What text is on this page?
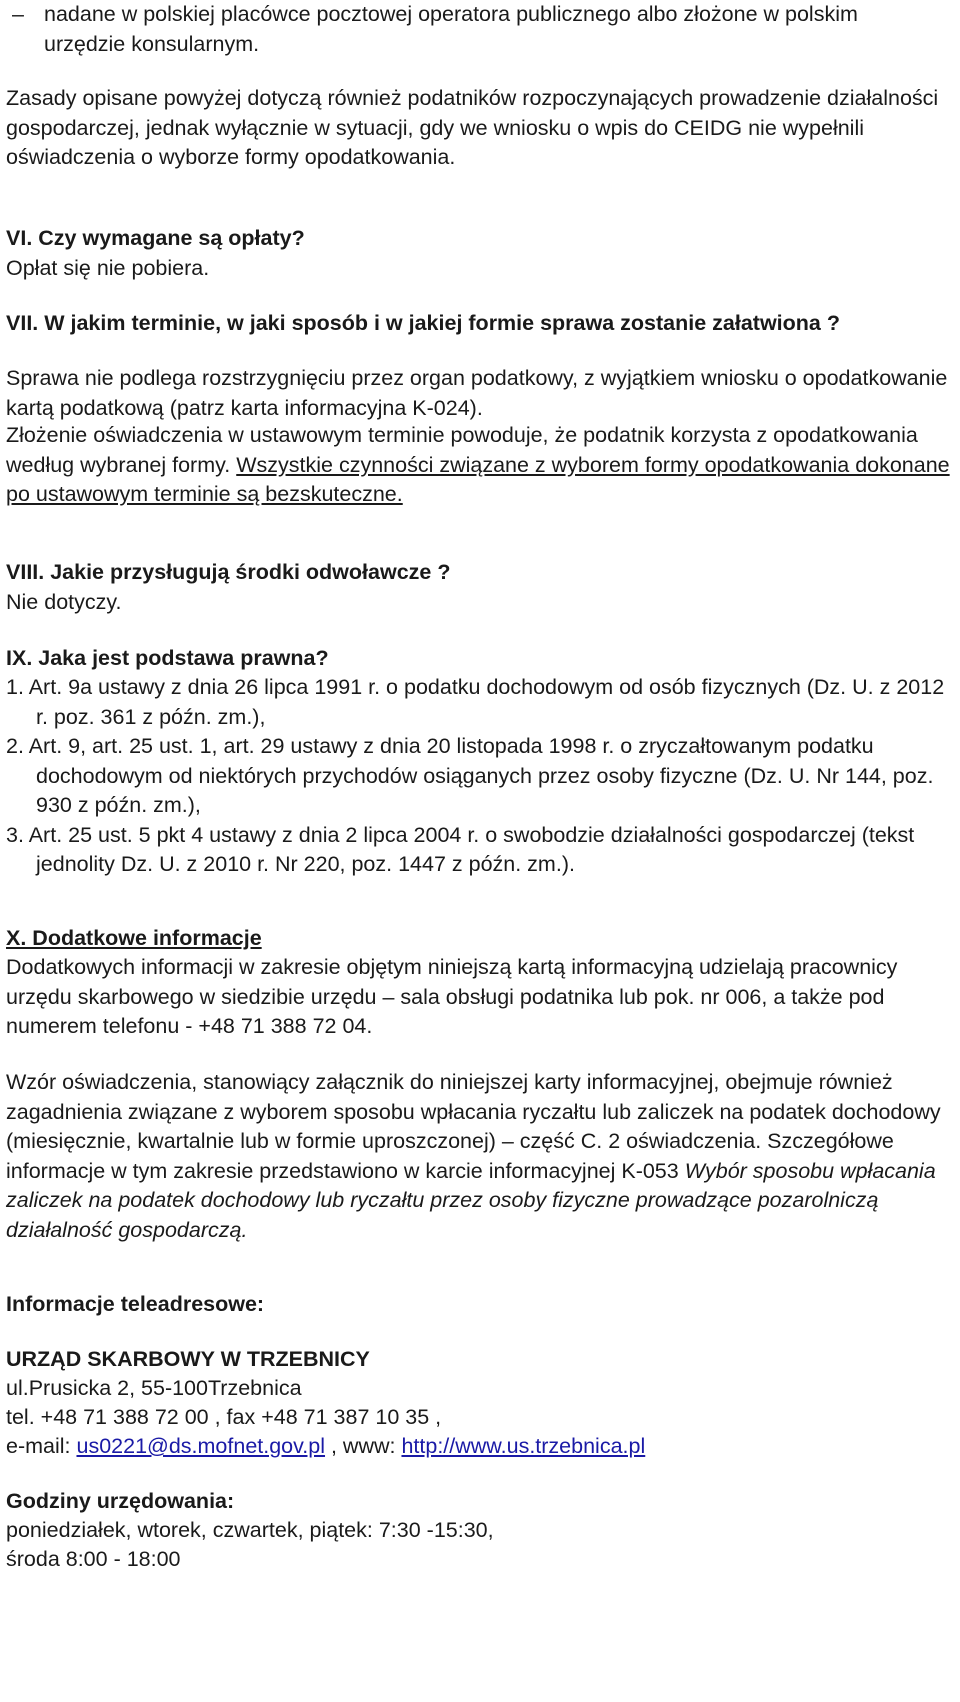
– nadane w polskiej placówce pocztowej operatora publicznego albo złożone w polskim urzędzie konsularnym.

Zasady opisane powyżej dotyczą również podatników rozpoczynających prowadzenie działalności gospodarczej, jednak wyłącznie w sytuacji, gdy we wniosku o wpis do CEIDG nie wypełnili oświadczenia o wyborze formy opodatkowania.

VI. Czy wymagane są opłaty?

Opłat się nie pobiera.

VII. W jakim terminie, w jaki sposób i w jakiej formie sprawa zostanie załatwiona ?

Sprawa nie podlega rozstrzygnięciu przez organ podatkowy, z wyjątkiem wniosku o opodatkowanie kartą podatkową (patrz karta informacyjna K-024).

Złożenie oświadczenia w ustawowym terminie powoduje, że podatnik korzysta z opodatkowania według wybranej formy. Wszystkie czynności związane z wyborem formy opodatkowania dokonane po ustawowym terminie są bezskuteczne.

VIII. Jakie przysługują środki odwoławcze ?

Nie dotyczy.

IX. Jaka jest podstawa prawna?

1. Art. 9a ustawy z dnia 26 lipca 1991 r. o podatku dochodowym od osób fizycznych (Dz. U. z 2012 r. poz. 361 z późn. zm.),

2. Art. 9, art. 25 ust. 1, art. 29 ustawy z dnia 20 listopada 1998 r. o zryczałtowanym podatku dochodowym od niektórych przychodów osiąganych przez osoby fizyczne (Dz. U. Nr 144, poz. 930 z późn. zm.),

3. Art. 25 ust. 5 pkt 4 ustawy z dnia 2 lipca 2004 r. o swobodzie działalności gospodarczej (tekst jednolity Dz. U. z 2010 r. Nr 220, poz. 1447 z późn. zm.).

X. Dodatkowe informacje

Dodatkowych informacji w zakresie objętym niniejszą kartą informacyjną udzielają pracownicy urzędu skarbowego w siedzibie urzędu – sala obsługi podatnika lub pok. nr 006, a także pod numerem telefonu - +48 71 388 72 04.

Wzór oświadczenia, stanowiący załącznik do niniejszej karty informacyjnej, obejmuje również zagadnienia związane z wyborem sposobu wpłacania ryczałtu lub zaliczek na podatek dochodowy (miesięcznie, kwartalnie lub w formie uproszczonej) – część C. 2 oświadczenia. Szczegółowe informacje w tym zakresie przedstawiono w karcie informacyjnej K-053 Wybór sposobu wpłacania zaliczek na podatek dochodowy lub ryczałtu przez osoby fizyczne prowadzące pozarolniczą działalność gospodarczą.

Informacje teleadresowe:

URZĄD SKARBOWY W TRZEBNICY

ul.Prusicka 2, 55-100Trzebnica

tel. +48 71 388 72 00 , fax +48 71 387 10 35 ,

e-mail: us0221@ds.mofnet.gov.pl , www: http://www.us.trzebnica.pl

Godziny urzędowania:

poniedziałek, wtorek, czwartek, piątek: 7:30 -15:30,

środa 8:00 - 18:00
